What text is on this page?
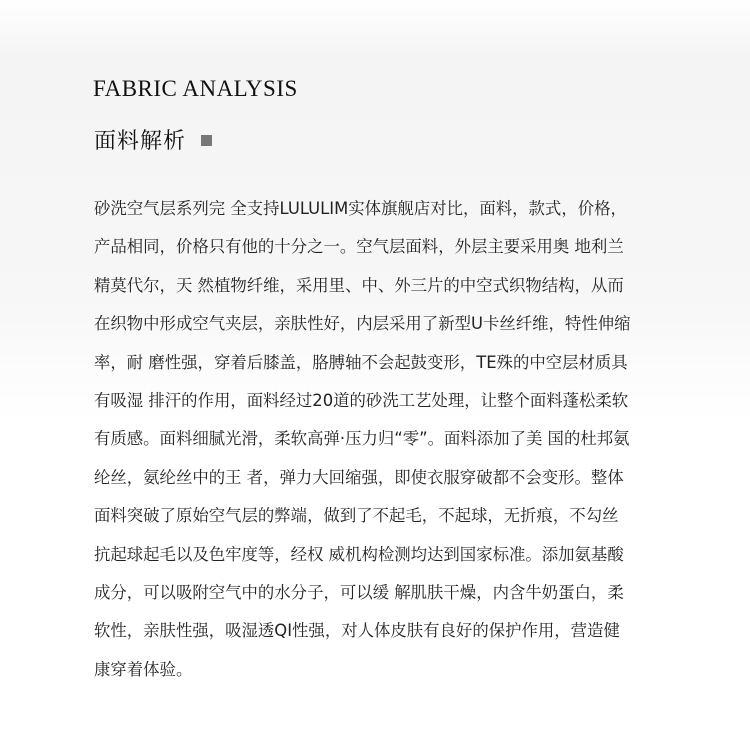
FABRIC ANALYSIS
面料解析
砂洗空气层系列完 全支持LULULIM实体旗舰店对比，面料，款式，价格，
产品相同，价格只有他的十分之一。空气层面料，外层主要采用奥 地利兰
精莫代尔，天 然植物纤维，采用里、中、外三片的中空式织物结构，从而
在织物中形成空气夹层，亲肤性好，内层采用了新型U卡丝纤维，特性伸缩
率，耐 磨性强，穿着后膝盖，胳膊轴不会起鼓变形，TE殊的中空层材质具
有吸湿 排汗的作用，面料经过20道的砂洗工艺处理，让整个面料蓬松柔软
有质感。面料细腻光滑，柔软高弹·压力归“零”。面料添加了美 国的杜邦氨
纶丝，氨纶丝中的王 者，弹力大回缩强，即使衣服穿破都不会变形。整体
面料突破了原始空气层的弊端，做到了不起毛，不起球，无折痕，不勾丝
抗起球起毛以及色牢度等，经权 威机构检测均达到国家标准。添加氨基酸
成分，可以吸附空气中的水分子，可以缓 解肌肤干燥，内含牛奶蛋白，柔
软性，亲肤性强，吸湿透QI性强，对人体皮肤有良好的保护作用，营造健
康穿着体验。
